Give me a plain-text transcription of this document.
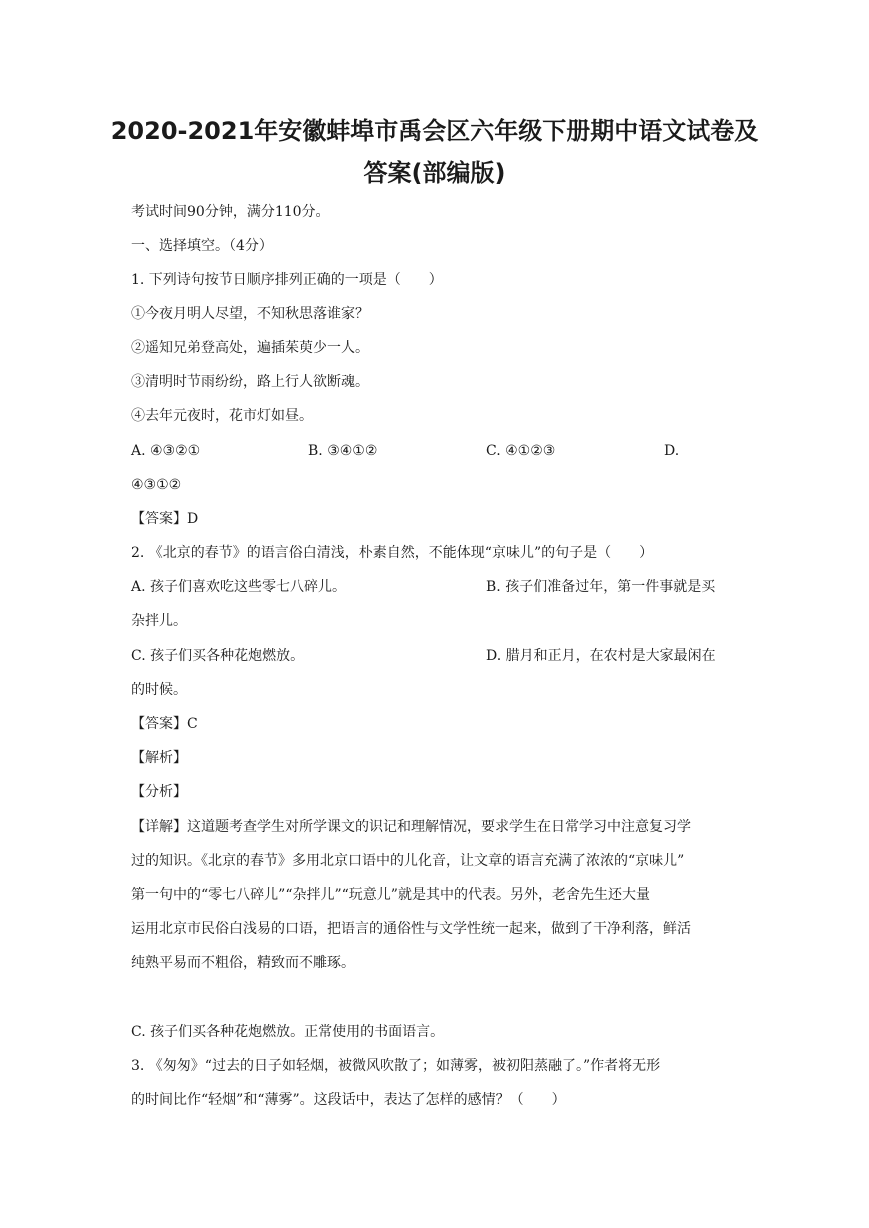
2020-2021年安徽蚌埠市禹会区六年级下册期中语文试卷及
答案(部编版)
考试时间90分钟，满分110分。
一、选择填空。（4分）
1. 下列诗句按节日顺序排列正确的一项是（　　）
①今夜月明人尽望，不知秋思落谁家？
②遥知兄弟登高处，遍插茱萸少一人。
③清明时节雨纷纷，路上行人欲断魂。
④去年元夜时，花市灯如昼。
A. ④③②①	B. ③④①②	C. ④①②③	D.
④③①②
【答案】D
2. 《北京的春节》的语言俗白清浅，朴素自然，不能体现“京味儿”的句子是（　　）
A. 孩子们喜欢吃这些零七八碎儿。	B. 孩子们准备过年，第一件事就是买
杂拌儿。
C. 孩子们买各种花炮燃放。	D. 腊月和正月，在农村是大家最闲在
的时候。
【答案】C
【解析】
【分析】
【详解】这道题考查学生对所学课文的识记和理解情况，要求学生在日常学习中注意复习学
过的知识。《北京的春节》多用北京口语中的儿化音，让文章的语言充满了浓浓的“京味儿”
第一句中的“零七八碎儿”“杂拌儿”“玩意儿”就是其中的代表。另外，老舍先生还大量
运用北京市民俗白浅易的口语，把语言的通俗性与文学性统一起来，做到了干净利落，鲜活
纯熟平易而不粗俗，精致而不雕琢。
C. 孩子们买各种花炮燃放。正常使用的书面语言。
3. 《匆匆》“过去的日子如轻烟，被微风吹散了；如薄雾，被初阳蒸融了。”作者将无形
的时间比作“轻烟”和“薄雾”。这段话中，表达了怎样的感情？（　　）
